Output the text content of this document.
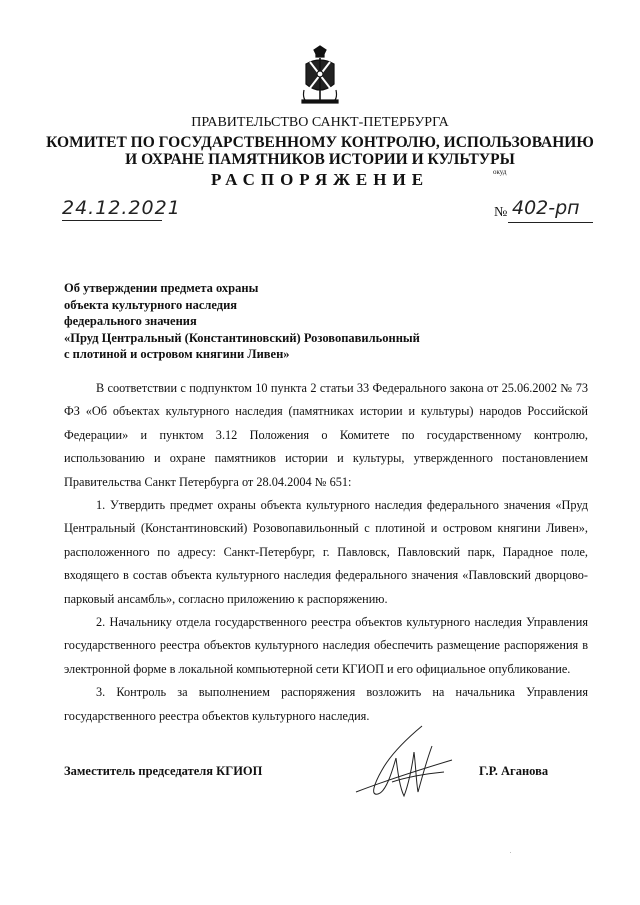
ПРАВИТЕЛЬСТВО САНКТ-ПЕТЕРБУРГА
КОМИТЕТ ПО ГОСУДАРСТВЕННОМУ КОНТРОЛЮ, ИСПОЛЬЗОВАНИЮ
И ОХРАНЕ ПАМЯТНИКОВ ИСТОРИИ И КУЛЬТУРЫ
РАСПОРЯЖЕНИЕ	окуд
24.12.2021	№ 402-рп
Об утверждении предмета охраны
объекта культурного наследия
федерального значения
«Пруд Центральный (Константиновский) Розовопавильонный
с плотиной и островом княгини Ливен»

В соответствии с подпунктом 10 пункта 2 статьи 33 Федерального закона от 25.06.2002 № 73 ФЗ «Об объектах культурного наследия (памятниках истории и культуры) народов Российской Федерации» и пунктом 3.12 Положения о Комитете по государственному контролю, использованию и охране памятников истории и культуры, утвержденного постановлением Правительства Санкт Петербурга от 28.04.2004 № 651:

1. Утвердить предмет охраны объекта культурного наследия федерального значения «Пруд Центральный (Константиновский) Розовопавильонный с плотиной и островом княгини Ливен», расположенного по адресу: Санкт-Петербург, г. Павловск, Павловский парк, Парадное поле, входящего в состав объекта культурного наследия федерального значения «Павловский дворцово-парковый ансамбль», согласно приложению к распоряжению.

2. Начальнику отдела государственного реестра объектов культурного наследия Управления государственного реестра объектов культурного наследия обеспечить размещение распоряжения в электронной форме в локальной компьютерной сети КГИОП и его официальное опубликование.

3. Контроль за выполнением распоряжения возложить на начальника Управления государственного реестра объектов культурного наследия.

Заместитель председателя КГИОП	Г.Р. Аганова
